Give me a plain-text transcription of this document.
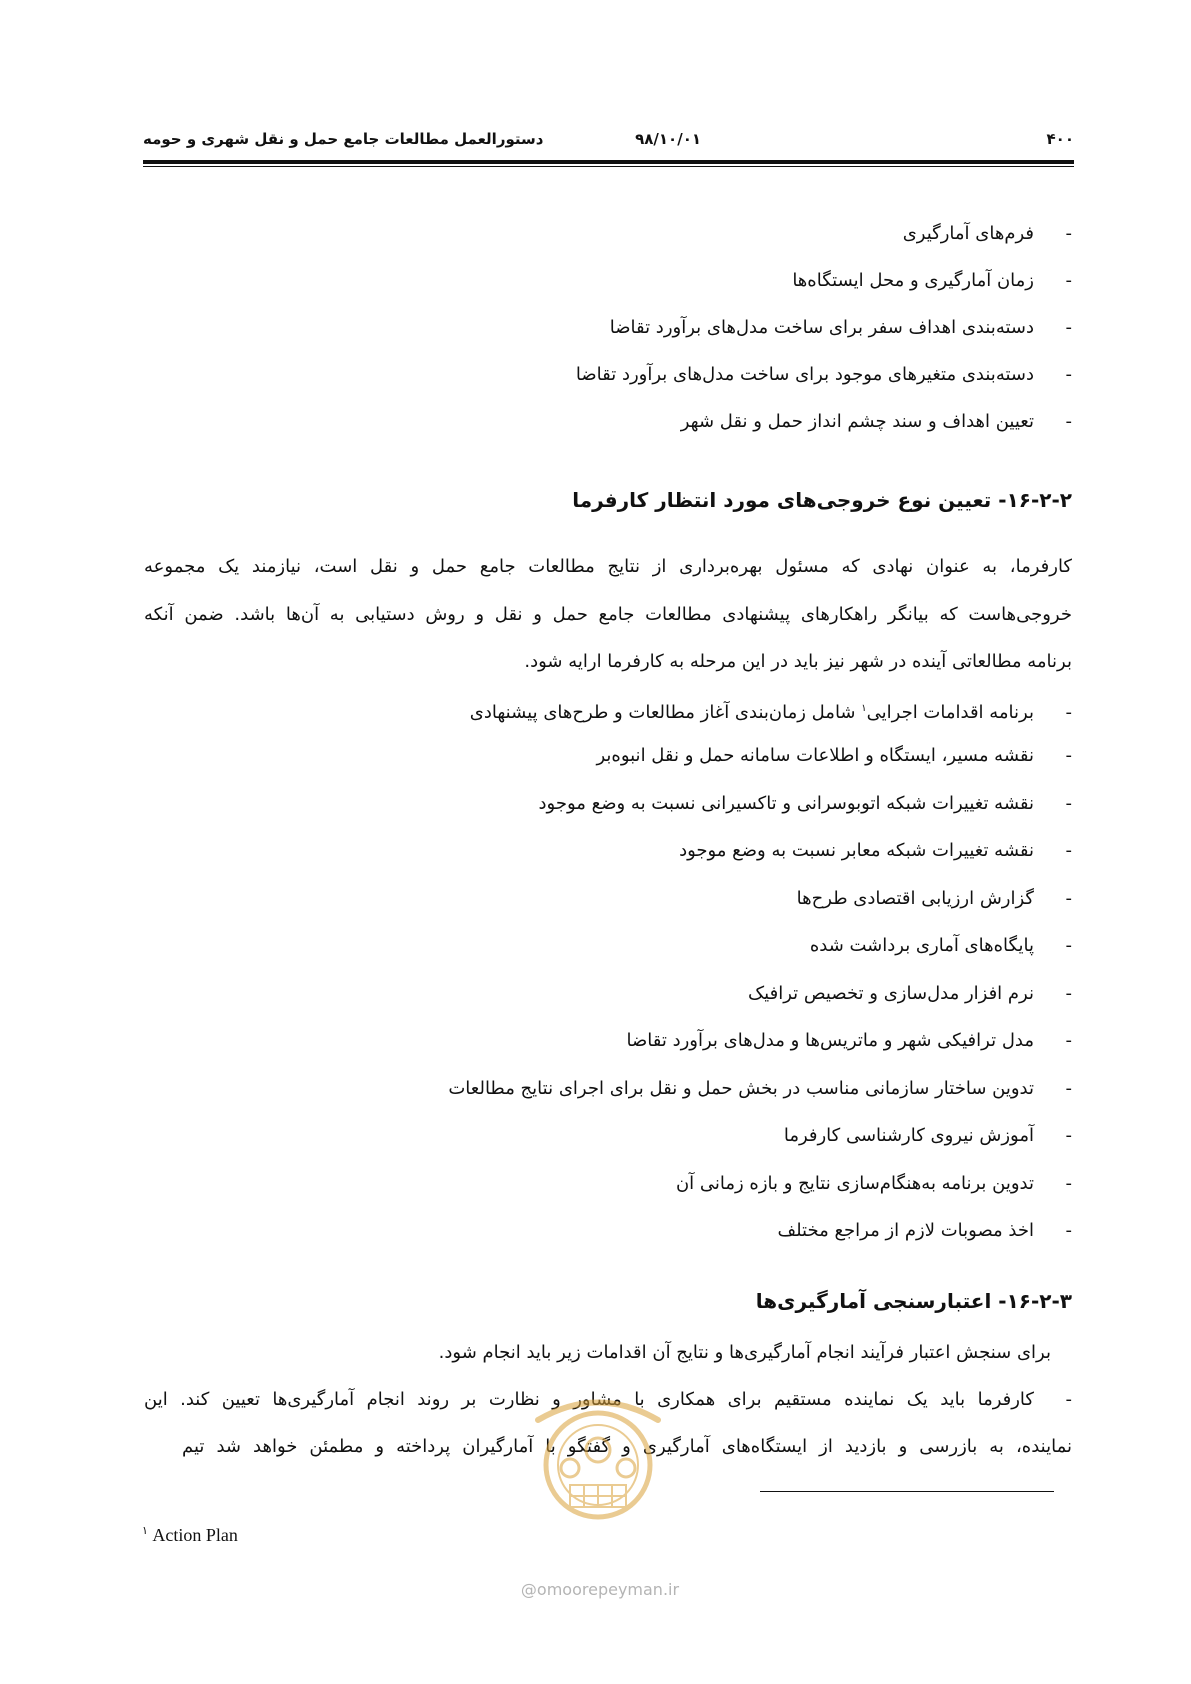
۴۰۰
۹۸/۱۰/۰۱
دستورالعمل مطالعات جامع حمل و نقل شهری و حومه
-فرم‌های آمارگیری
-زمان آمارگیری و محل ایستگاه‌ها
-دسته‌بندی اهداف سفر برای ساخت مدل‌های برآورد تقاضا
-دسته‌بندی متغیرهای موجود برای ساخت مدل‌های برآورد تقاضا
-تعیین اهداف و سند چشم انداز حمل و نقل شهر
۱۶-۲-۲- تعیین نوع خروجی‌های مورد انتظار کارفرما
کارفرما، به عنوان نهادی که مسئول بهره‌برداری از نتایج مطالعات جامع حمل و نقل است، نیازمند یک مجموعه
خروجی‌هاست که بیانگر راهکارهای پیشنهادی مطالعات جامع حمل و نقل و روش دستیابی به آن‌ها باشد. ضمن آنکه
برنامه مطالعاتی آینده در شهر نیز باید در این مرحله به کارفرما ارایه شود.
-برنامه اقدامات اجرایی$^۱$ شامل زمان‌بندی آغاز مطالعات و طرح‌های پیشنهادی
-نقشه مسیر، ایستگاه و اطلاعات سامانه حمل و نقل انبوه‌بر
-نقشه تغییرات شبکه اتوبوسرانی و تاکسیرانی نسبت به وضع موجود
-نقشه تغییرات شبکه معابر نسبت به وضع موجود
-گزارش ارزیابی اقتصادی طرح‌ها
-پایگاه‌های آماری برداشت شده
-نرم افزار مدل‌سازی و تخصیص ترافیک
-مدل ترافیکی شهر و ماتریس‌ها و مدل‌های برآورد تقاضا
-تدوین ساختار سازمانی مناسب در بخش حمل و نقل برای اجرای نتایج مطالعات
-آموزش نیروی کارشناسی کارفرما
-تدوین برنامه به‌هنگام‌سازی نتایج و بازه زمانی آن
-اخذ مصوبات لازم از مراجع مختلف
۱۶-۲-۳- اعتبارسنجی آمارگیری‌ها
برای سنجش اعتبار فرآیند انجام آمارگیری‌ها و نتایج آن اقدامات زیر باید انجام شود.
-کارفرما باید یک نماینده مستقیم برای همکاری با مشاور و نظارت بر روند انجام آمارگیری‌ها تعیین کند. این
نماینده، به بازرسی و بازدید از ایستگاه‌های آمارگیری و گفتگو با آمارگیران پرداخته و مطمئن خواهد شد تیم
$^۱$ Action Plan
@omoorepeyman.ir
